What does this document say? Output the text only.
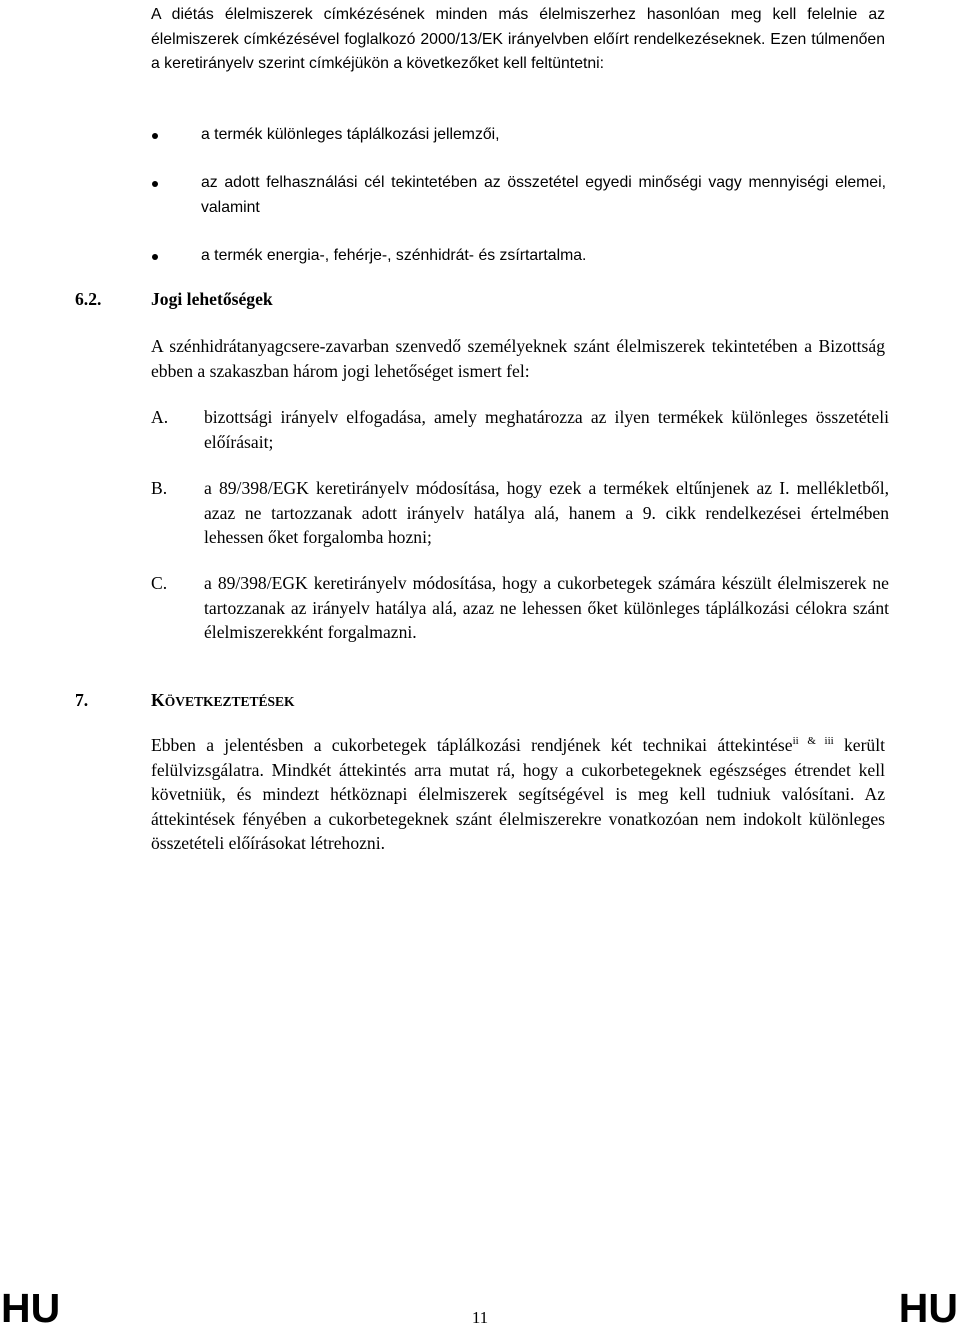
A diétás élelmiszerek címkézésének minden más élelmiszerhez hasonlóan meg kell felelnie az élelmiszerek címkézésével foglalkozó 2000/13/EK irányelvben előírt rendelkezéseknek. Ezen túlmenően a keretirányelv szerint címkéjükön a következőket kell feltüntetni:
a termék különleges táplálkozási jellemzői,
az adott felhasználási cél tekintetében az összetétel egyedi minőségi vagy mennyiségi elemei, valamint
a termék energia-, fehérje-, szénhidrát- és zsírtartalma.
6.2.	Jogi lehetőségek
A szénhidrátanyagcsere-zavarban szenvedő személyeknek szánt élelmiszerek tekintetében a Bizottság ebben a szakaszban három jogi lehetőséget ismert fel:
A. bizottsági irányelv elfogadása, amely meghatározza az ilyen termékek különleges összetételi előírásait;
B. a 89/398/EGK keretirányelv módosítása, hogy ezek a termékek eltűnjenek az I. mellékletből, azaz ne tartozzanak adott irányelv hatálya alá, hanem a 9. cikk rendelkezései értelmében lehessen őket forgalomba hozni;
C. a 89/398/EGK keretirányelv módosítása, hogy a cukorbetegek számára készült élelmiszerek ne tartozzanak az irányelv hatálya alá, azaz ne lehessen őket különleges táplálkozási célokra szánt élelmiszerekként forgalmazni.
7.	KÖVETKEZTETÉSEK
Ebben a jelentésben a cukorbetegek táplálkozási rendjének két technikai áttekintése$^{ii}$ & $^{iii}$ került felülvizsgálatra. Mindkét áttekintés arra mutat rá, hogy a cukorbetegeknek egészséges étrendet kell követniük, és mindezt hétköznapi élelmiszerek segítségével is meg kell tudniuk valósítani. Az áttekintések fényében a cukorbetegeknek szánt élelmiszerekre vonatkozóan nem indokolt különleges összetételi előírásokat létrehozni.
HU	11	HU
